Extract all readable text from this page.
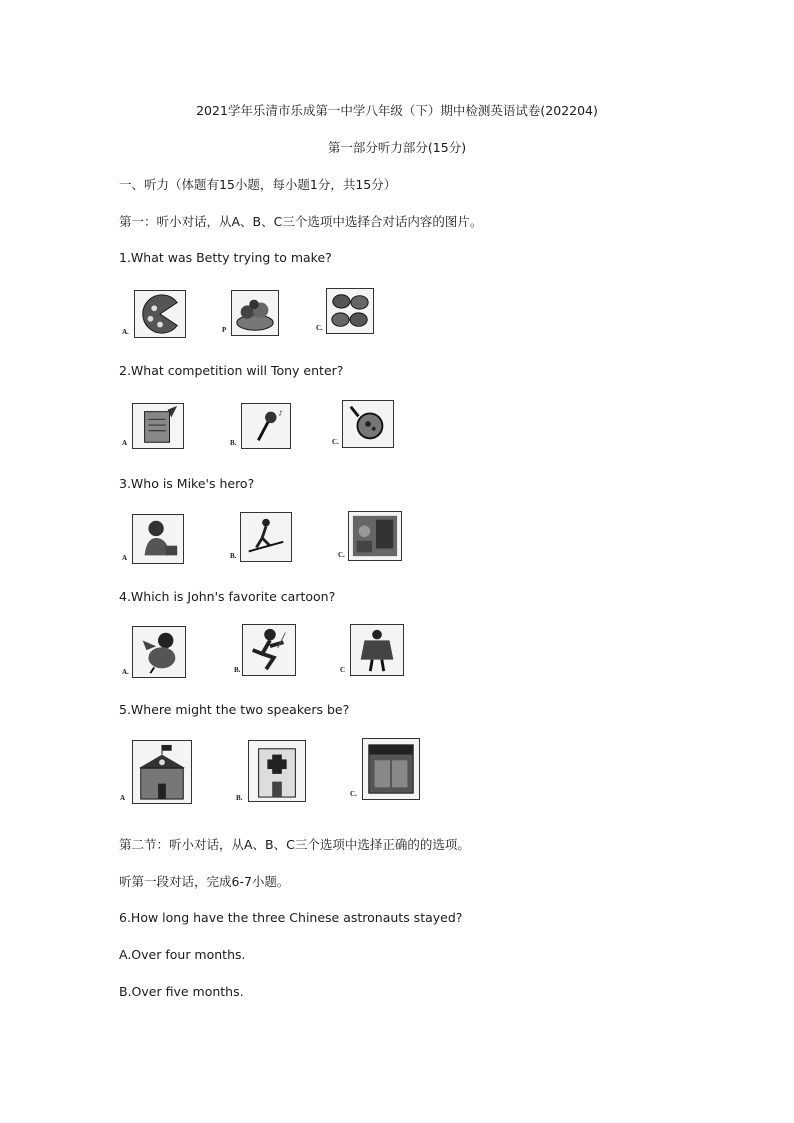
2021学年乐清市乐成第一中学八年级（下）期中检测英语试卷(202204)
第一部分听力部分(15分)
一、听力（体题有15小题，每小题1分，共15分）
第一：听小对话，从A、B、C三个选项中选择合对话内容的图片。
1.What was Betty trying to make?
A.	P	C.
2.What competition will Tony enter?
A	B.
♪
C.
3.Who is Mike's hero?
A	B.	C.
4.Which is John's favorite cartoon?
A.	B.	C
5.Where might the two speakers be?
A	B.	C.
第二节：听小对话，从A、B、C三个选项中选择正确的的选项。
听第一段对话，完成6-7小题。
6.How long have the three Chinese astronauts stayed?
A.Over four months.
B.Over five months.
